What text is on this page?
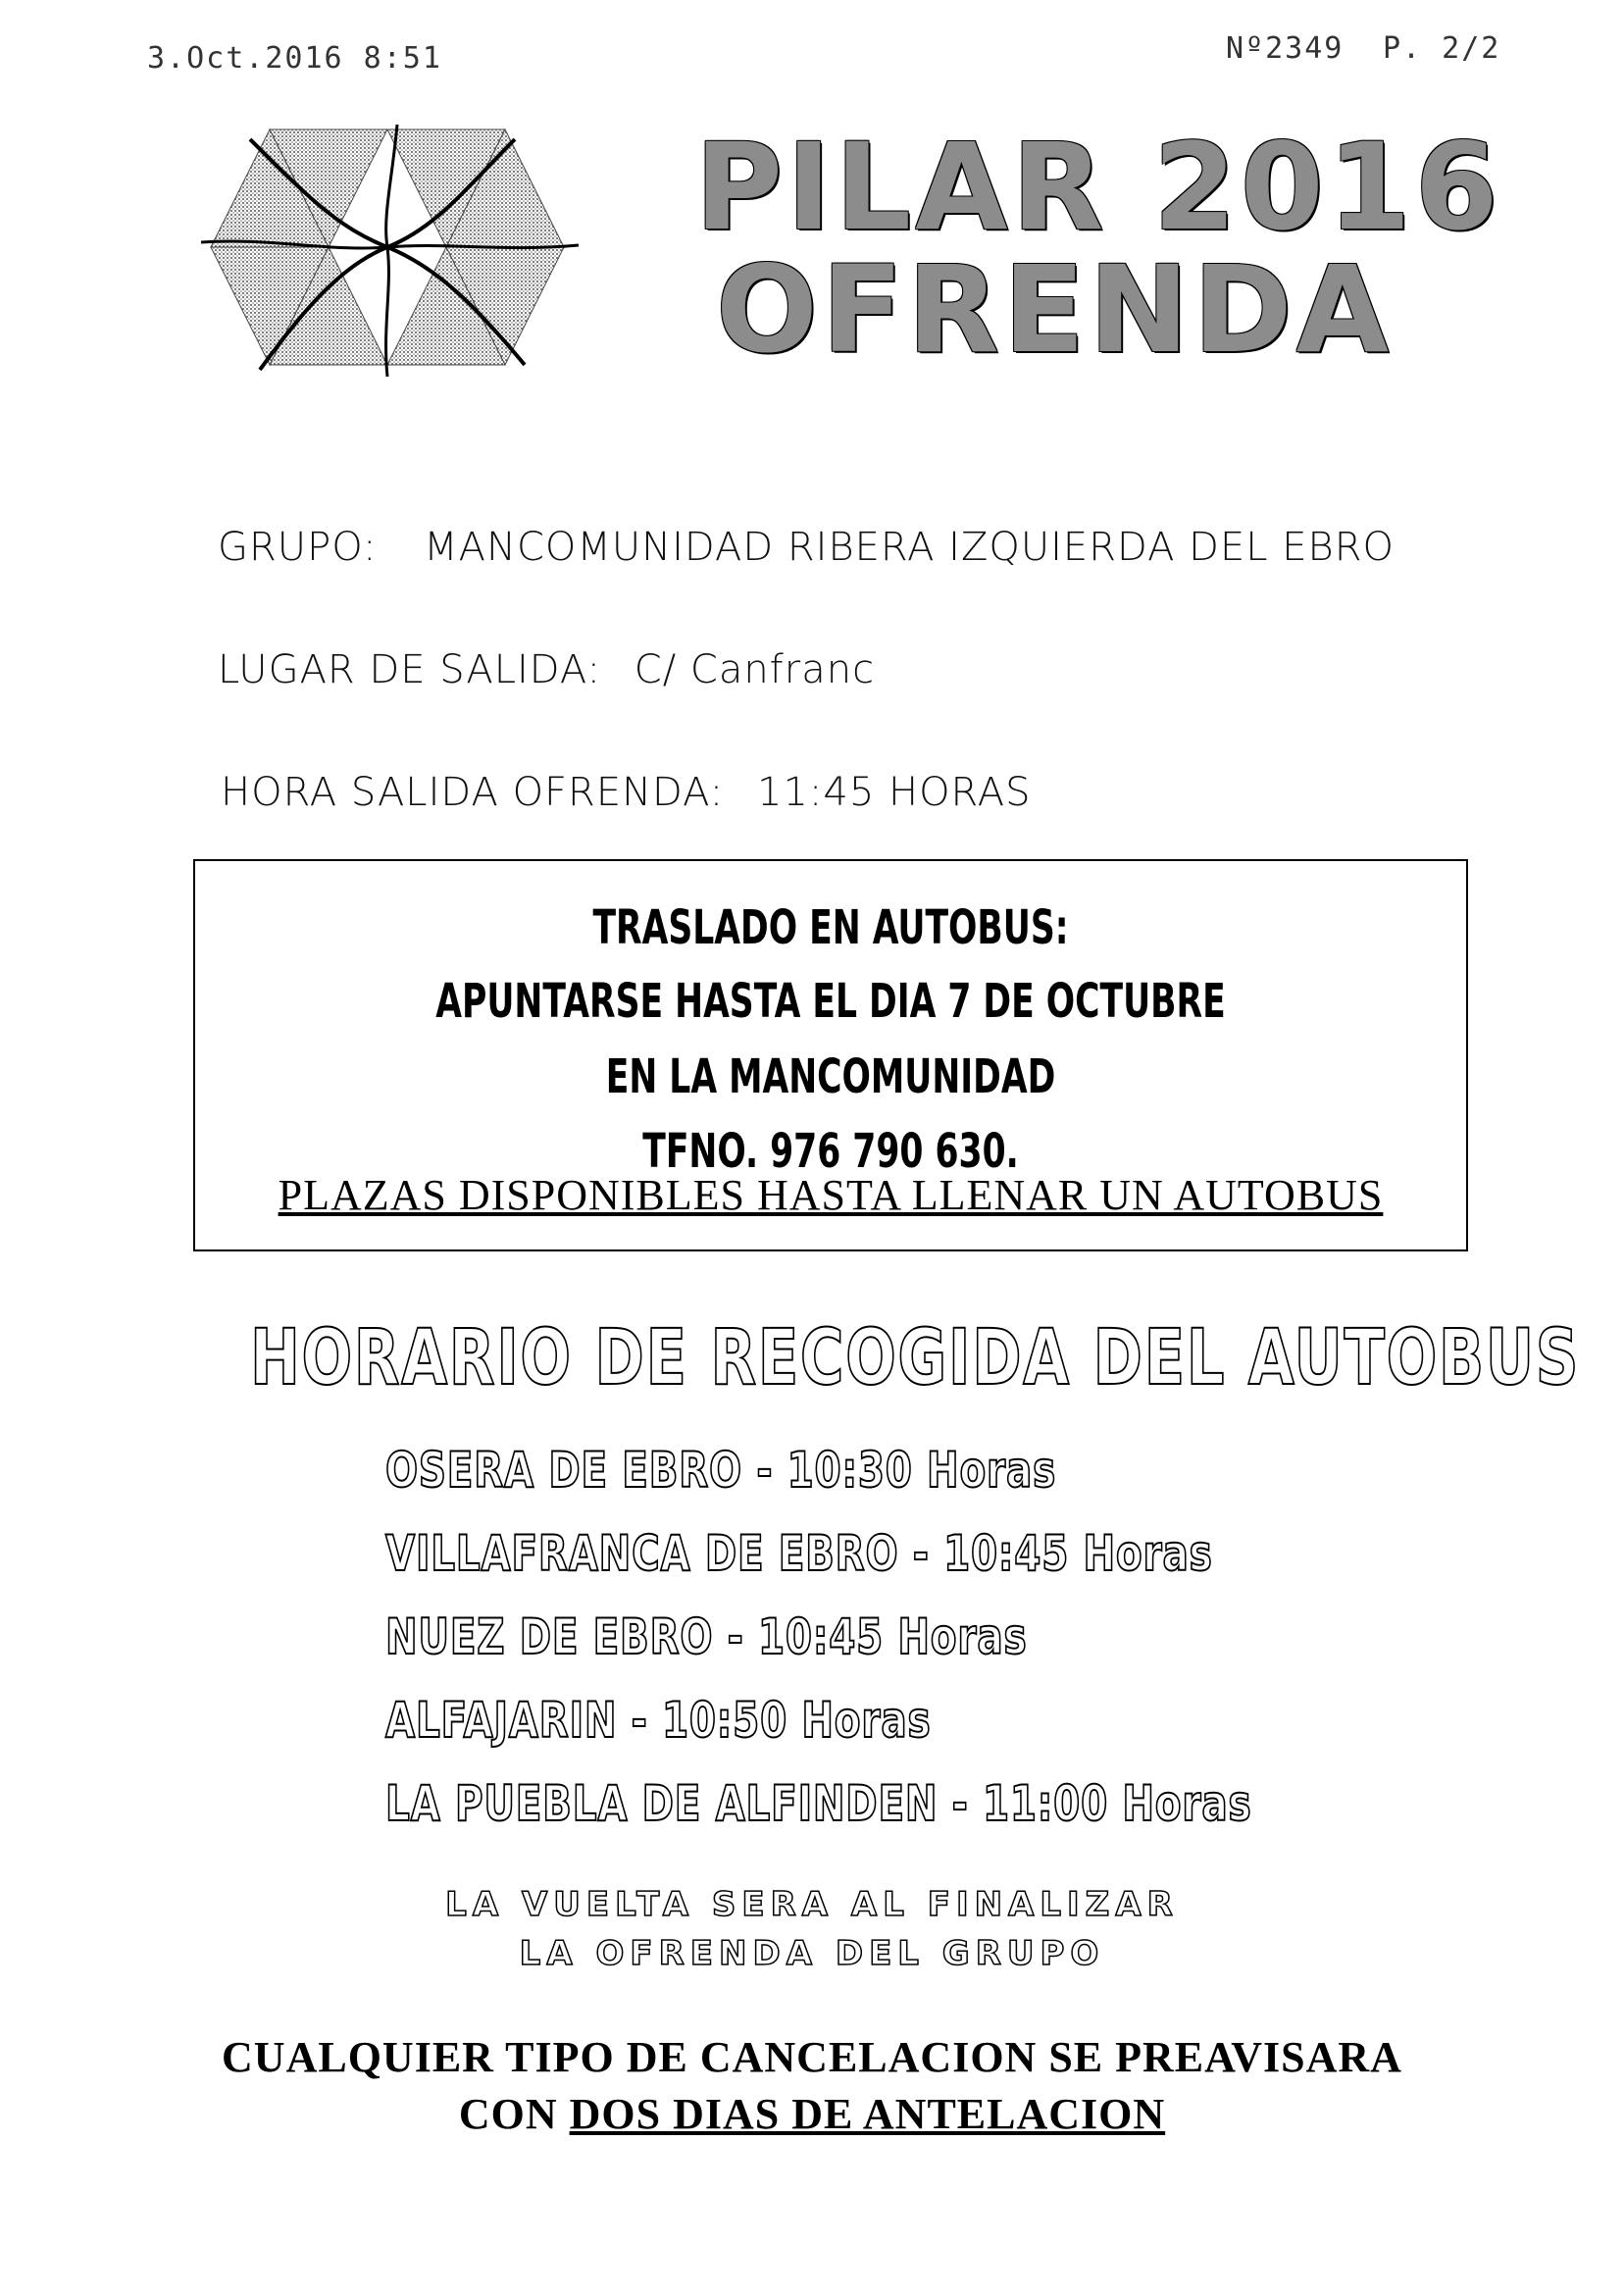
3.Oct.2016 8:51	Nº2349 P. 2/2
PILAR 2016
OFRENDA
GRUPO: MANCOMUNIDAD RIBERA IZQUIERDA DEL EBRO
LUGAR DE SALIDA: C/ Canfranc
HORA SALIDA OFRENDA: 11:45 HORAS
TRASLADO EN AUTOBUS:
APUNTARSE HASTA EL DIA 7 DE OCTUBRE
EN LA MANCOMUNIDAD
TFNO. 976 790 630.
PLAZAS DISPONIBLES HASTA LLENAR UN AUTOBUS
HORARIO DE RECOGIDA DEL AUTOBUS
OSERA DE EBRO - 10:30 Horas
VILLAFRANCA DE EBRO - 10:45 Horas
NUEZ DE EBRO - 10:45 Horas
ALFAJARIN - 10:50 Horas
LA PUEBLA DE ALFINDEN - 11:00 Horas
LA VUELTA SERA AL FINALIZAR
LA OFRENDA DEL GRUPO
CUALQUIER TIPO DE CANCELACION SE PREAVISARA
CON DOS DIAS DE ANTELACION
